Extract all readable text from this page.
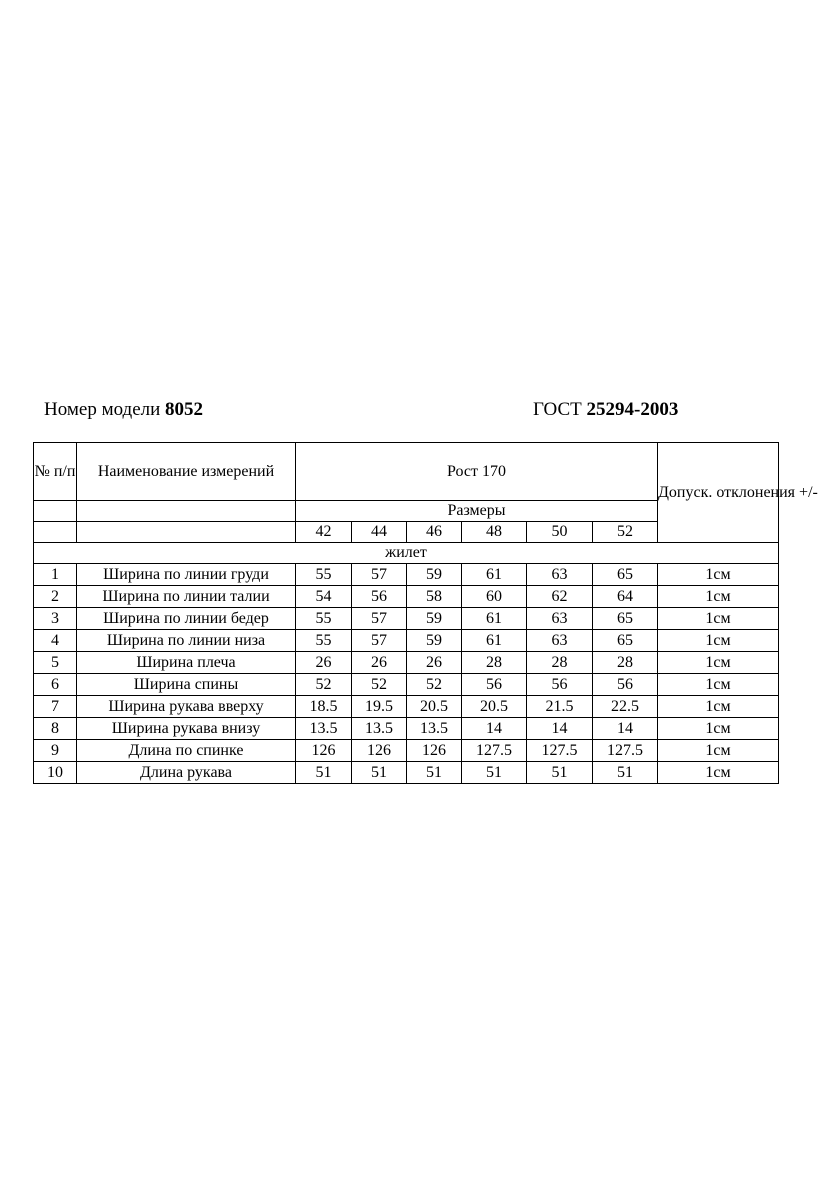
Номер модели 8052	ГОСТ 25294-2003
№ п/п	Наименование измерений	Рост 170						Допуск. отклонения +/-
		Размеры						
		42	44	46	48	50	52	
жилет								
1	Ширина по линии груди	55	57	59	61	63	65	1см
2	Ширина по линии талии	54	56	58	60	62	64	1см
3	Ширина по линии бедер	55	57	59	61	63	65	1см
4	Ширина по линии низа	55	57	59	61	63	65	1см
5	Ширина плеча	26	26	26	28	28	28	1см
6	Ширина спины	52	52	52	56	56	56	1см
7	Ширина рукава вверху	18.5	19.5	20.5	20.5	21.5	22.5	1см
8	Ширина рукава внизу	13.5	13.5	13.5	14	14	14	1см
9	Длина по спинке	126	126	126	127.5	127.5	127.5	1см
10	Длина рукава	51	51	51	51	51	51	1см
